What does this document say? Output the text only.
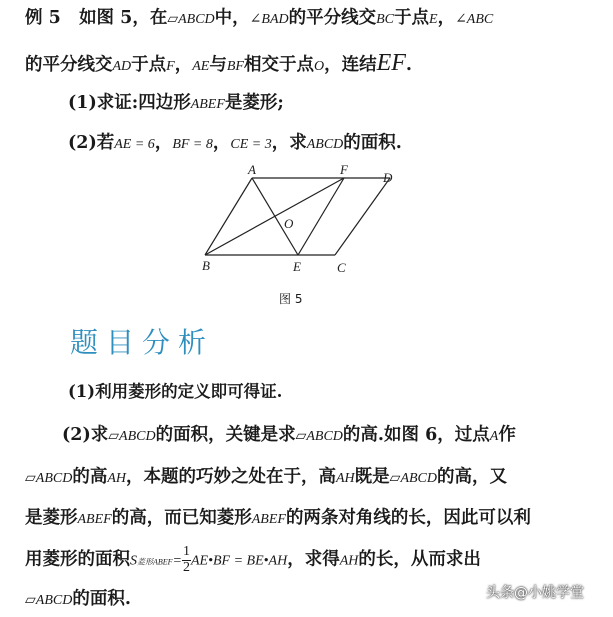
例 5 如图 5，在▱ABCD中，∠BAD的平分线交BC于点E，∠ABC
的平分线交AD于点F，AE与BF相交于点O，连结EF.
(1)求证:四边形ABEF是菱形;
(2)若AE = 6，BF = 8，CE = 3，求ABCD的面积.
A	F
D
O
B	E	C
图 5
题目分析
(1)利用菱形的定义即可得证.
(2)求▱ABCD的面积，关键是求▱ABCD的高.如图 6，过点A作
▱ABCD的高AH，本题的巧妙之处在于，高AH既是▱ABCD的高，又
是菱形ABEF的高，而已知菱形ABEF的两条对角线的长，因此可以利
用菱形的面积S菱形ABEF= $\frac{1}{2}$ AE•BF = BE•AH，求得AH的长，从而求出
▱ABCD的面积.	头条@小姚学堂
